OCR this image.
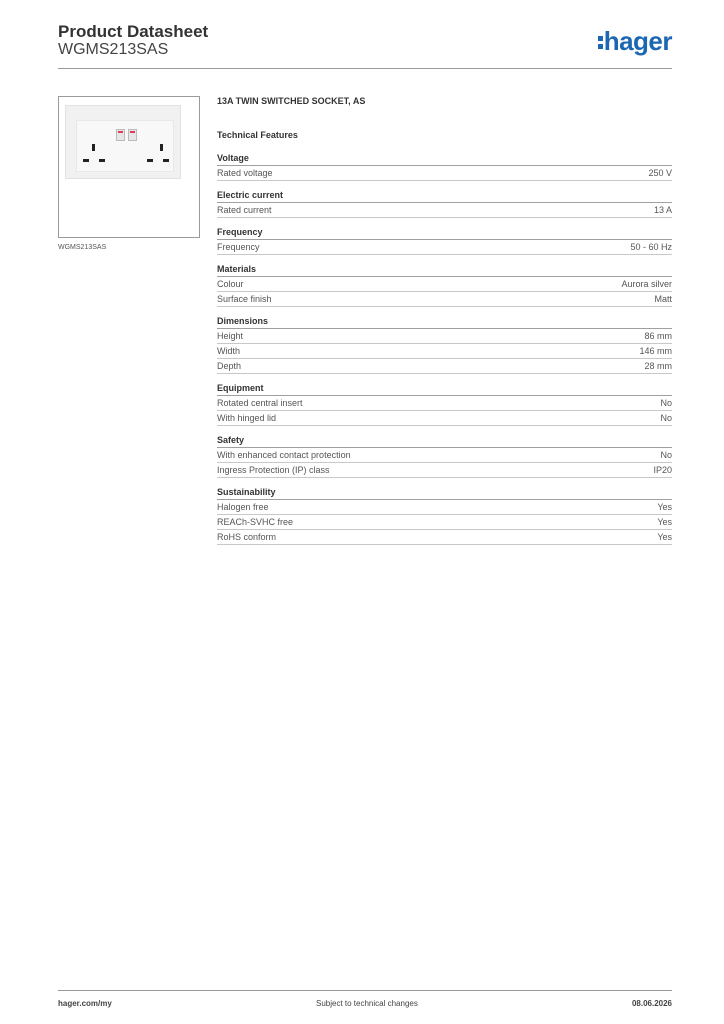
Product Datasheet
WGMS213SAS	hager
WGMS213SAS
13A TWIN SWITCHED SOCKET, AS
Technical Features
Voltage
Rated voltage	250 V
Electric current
Rated current	13 A
Frequency
Frequency	50 - 60 Hz
Materials
Colour	Aurora silver
Surface finish	Matt
Dimensions
Height	86 mm
Width	146 mm
Depth	28 mm
Equipment
Rotated central insert	No
With hinged lid	No
Safety
With enhanced contact protection	No
Ingress Protection (IP) class	IP20
Sustainability
Halogen free	Yes
REACh-SVHC free	Yes
RoHS conform	Yes
hager.com/my	Subject to technical changes	08.06.2026
